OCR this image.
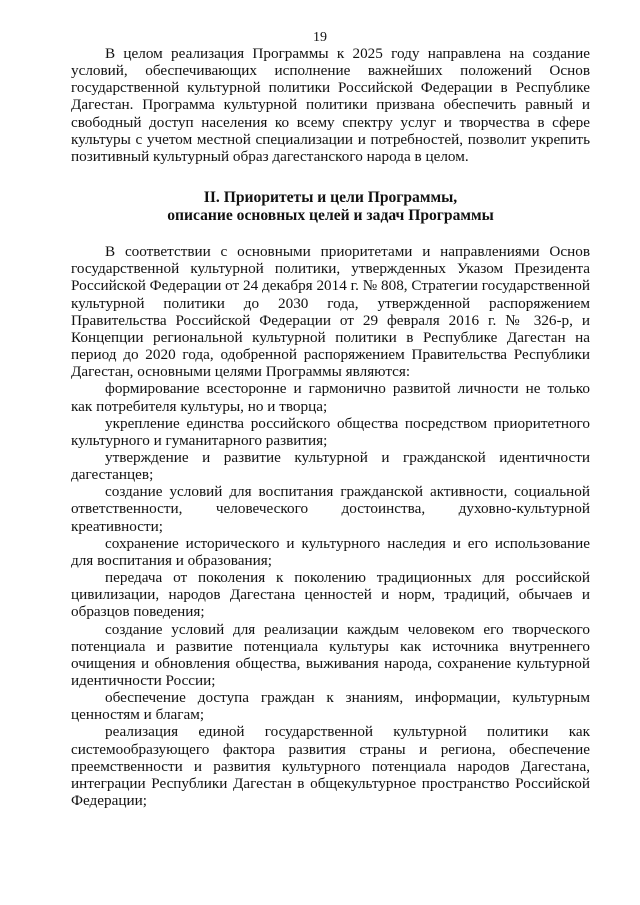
19

В целом реализация Программы к 2025 году направлена на создание условий, обеспечивающих исполнение важнейших положений Основ государственной культурной политики Российской Федерации в Республике Дагестан. Программа культурной политики призвана обеспечить равный и свободный доступ населения ко всему спектру услуг и творчества в сфере культуры с учетом местной специализации и потребностей, позволит укрепить позитивный культурный образ дагестанского народа в целом.

II. Приоритеты и цели Программы,
описание основных целей и задач Программы

В соответствии с основными приоритетами и направлениями Основ государственной культурной политики, утвержденных Указом Президента Российской Федерации от 24 декабря 2014 г. № 808, Стратегии государственной культурной политики до 2030 года, утвержденной распоряжением Правительства Российской Федерации от 29 февраля 2016 г. № 326-р, и Концепции региональной культурной политики в Республике Дагестан на период до 2020 года, одобренной распоряжением Правительства Республики Дагестан, основными целями Программы являются:

формирование всесторонне и гармонично развитой личности не только как потребителя культуры, но и творца;

укрепление единства российского общества посредством приоритетного культурного и гуманитарного развития;

утверждение и развитие культурной и гражданской идентичности дагестанцев;

создание условий для воспитания гражданской активности, социальной ответственности, человеческого достоинства, духовно-культурной креативности;

сохранение исторического и культурного наследия и его использование для воспитания и образования;

передача от поколения к поколению традиционных для российской цивилизации, народов Дагестана ценностей и норм, традиций, обычаев и образцов поведения;

создание условий для реализации каждым человеком его творческого потенциала и развитие потенциала культуры как источника внутреннего очищения и обновления общества, выживания народа, сохранение культурной идентичности России;

обеспечение доступа граждан к знаниям, информации, культурным ценностям и благам;

реализация единой государственной культурной политики как системообразующего фактора развития страны и региона, обеспечение преемственности и развития культурного потенциала народов Дагестана, интеграции Республики Дагестан в общекультурное пространство Российской Федерации;
